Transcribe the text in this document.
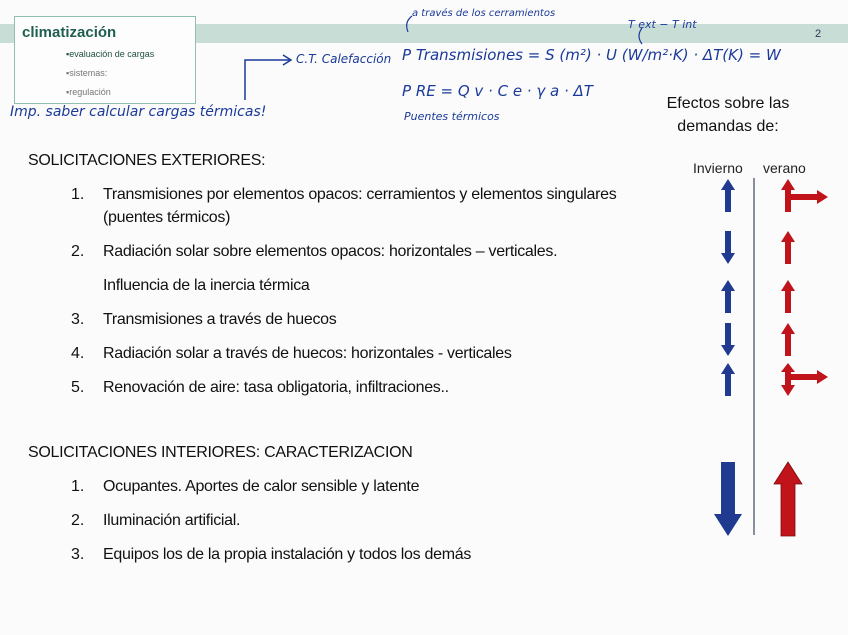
climatización	2
▪evaluación de cargas
▪sistemas:
▪regulación
a través de los cerramientos
C.T. Calefacción P Transmisiones = S (m²) · U (W/m²·K) · ΔT(K) = W
T ext − T int
P RE = Q v · C e · γ a · ΔT
Puentes térmicos
Imp. saber calcular cargas térmicas!	Efectos sobre las demandas de:
Invierno verano
SOLICITACIONES EXTERIORES:
1. Transmisiones por elementos opacos: cerramientos y elementos singulares
(puentes térmicos)
2. Radiación solar sobre elementos opacos: horizontales – verticales.
Influencia de la inercia térmica
3. Transmisiones a través de huecos
4. Radiación solar a través de huecos: horizontales - verticales
5. Renovación de aire: tasa obligatoria, infiltraciones..
SOLICITACIONES INTERIORES: CARACTERIZACION
1. Ocupantes. Aportes de calor sensible y latente
2. Iluminación artificial.
3. Equipos los de la propia instalación y todos los demás
